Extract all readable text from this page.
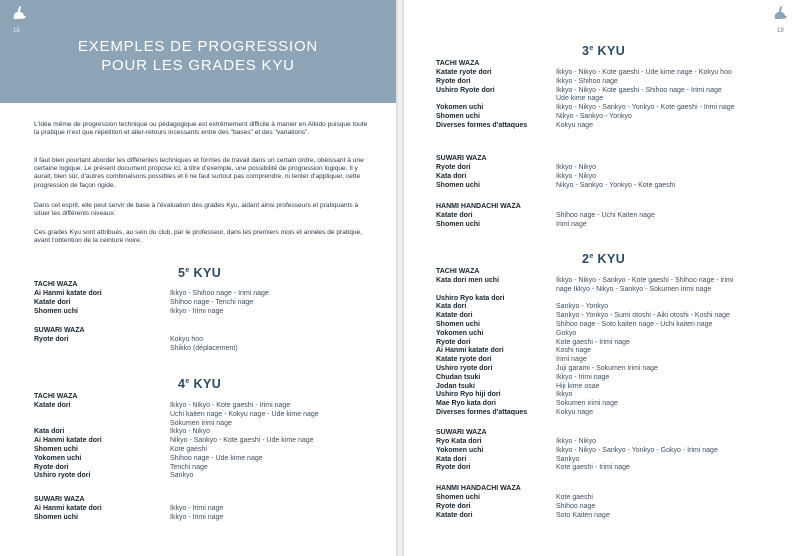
18
EXEMPLES DE PROGRESSION
POUR LES GRADES KYU

L'idée même de progression technique ou pédagogique est extrêmement difficile à manier en Aïkido puisque toute la pratique n'est que répétition et aller-retours incessants entre des "bases" et des "variations".

Il faut bien pourtant aborder les différentes techniques et formes de travail dans un certain ordre, obéissant à une certaine logique. Le présent document propose ici, à titre d'exemple, une possibilité de progression logique. Il y aurait, bien sûr, d'autres combinaisons possibles et il ne faut surtout pas comprendre, ni tenter d'appliquer, cette progression de façon rigide.

Dans cet esprit, elle peut servir de base à l'évaluation des grades Kyu, aidant ainsi professeurs et pratiquants à situer les différents niveaux.

Ces grades Kyu sont attribués, au sein du club, par le professeur, dans les premiers mois et années de pratique, avant l'obtention de la ceinture noire.

5e KYU
TACHI WAZA
Ai Hanmi katate dori	Ikkyo - Shihoo nage - Irimi nage
Katate dori	Shihoo nage - Tenchi nage
Shomen uchi	Ikkyo - Irimi nage
SUWARI WAZA
Ryote dori	Kokyu hoo
Shikko (déplacement)
4e KYU
TACHI WAZA
Katate dori	Ikkyo - Nikyo - Kote gaeshi - Irimi nage
Uchi kaiten nage - Kokyu nage - Ude kime nage
Sokumen irimi nage
Kata dori	Ikkyo - Nikyo
Ai Hanmi katate dori	Nikyo - Sankyo - Kote gaeshi - Ude kime nage
Shomen uchi	Kote gaeshi
Yokomen uchi	Shihoo nage - Ude kime nage
Ryote dori	Tenchi nage
Ushiro ryote dori	Sankyo
SUWARI WAZA
Ai Hanmi katate dori	Ikkyo - Irimi nage
Shomen uchi	Ikkyo - Irimi nage
19
3e KYU
TACHI WAZA
Katate ryote dori	Ikkyo - Nikyo - Kote gaeshi - Ude kime nage - Kokyu hoo
Ryote dori	Ikkyo - Shihoo nage
Ushiro Ryote dori	Ikkyo - Nikyo - Kote gaeshi - Shihoo nage - Irimi nage
Ude kime nage
Yokomen uchi	Ikkyo - Nikyo - Sankyo - Yonkyo - Kote gaeshi - Irimi nage
Shomen uchi	Nikyo - Sankyo - Yonkyo
Diverses formes d'attaques	Kokyu nage
SUWARI WAZA
Ryote dori	Ikkyo - Nikyo
Kata dori	Ikkyo - Nikyo
Shomen uchi	Nikyo - Sankyo - Yonkyo - Kote gaeshi
HANMI HANDACHI WAZA
Katate dori	Shihoo nage - Uchi Kaiten nage
Shomen uchi	Irimi nage
2e KYU
TACHI WAZA
Kata dori men uchi	Ikkyo - Nikyo - Sankyo - Kote gaeshi - Shihoo nage - irimi
nage Ikkyo - Nikyo - Sankyo - Sokumen irimi nage
Ushiro Ryo kata dori
Kata dori	Sankyo - Yonkyo
Katate dori	Sankyo - Yonkyo - Sumi otoshi - Aiki otoshi - Koshi nage
Shomen uchi	Shihoo nage - Soto kaiten nage - Uchi kaiten nage
Yokomen uchi	Gokyo
Ryote dori	Kote gaeshi - Irimi nage
Ai Hanmi katate dori	Koshi nage
Katate ryote dori	Irimi nage
Ushiro ryote dori	Juji garami - Sokumen irimi nage
Chudan tsuki	Ikkyo - Irimi nage
Jodan tsuki	Hiji kime osae
Ushiro Ryo hiji dori	Ikkyo
Mae Ryo kata dori	Sokumen irimi nage
Diverses formes d'attaques	Kokyu nage
SUWARI WAZA
Ryo Kata dori	Ikkyo - Nikyo
Yokomen uchi	Ikkyo - Nikyo - Sankyo - Yonkyo - Gokyo - Irimi nage
Kata dori	Sankyo
Ryote dori	Kote gaeshi - Irimi nage
HANMI HANDACHI WAZA
Shomen uchi	Kote gaeshi
Ryote dori	Shihoo nage
Katate dori	Soto Kaiten nage
